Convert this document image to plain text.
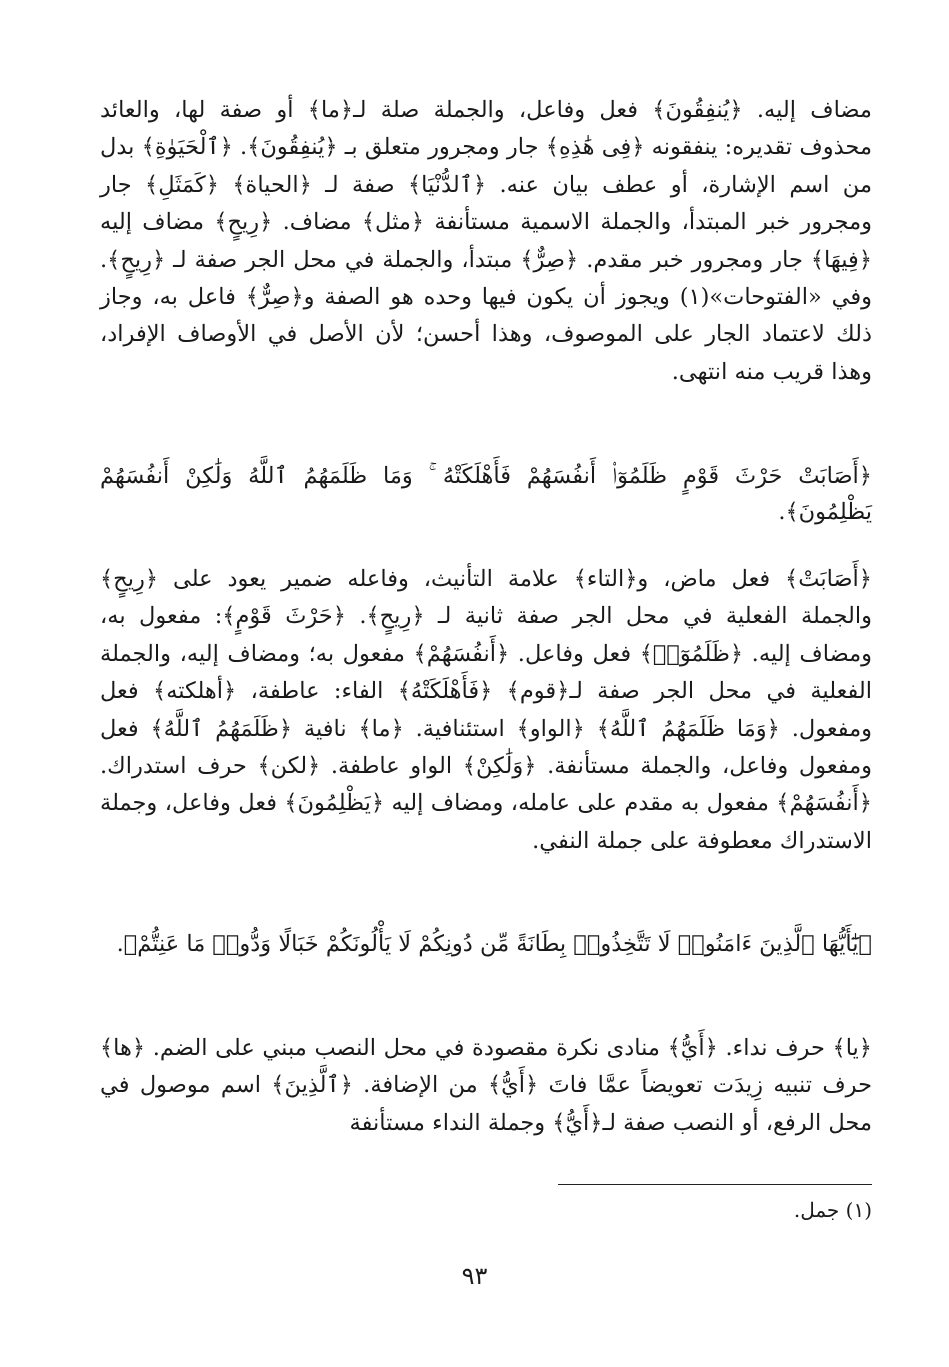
مضاف إليه. ﴿يُنفِقُونَ﴾ فعل وفاعل، والجملة صلة لـ﴿ما﴾ أو صفة لها، والعائد محذوف تقديره: ينفقونه ﴿فِى هَٰذِهِ﴾ جار ومجرور متعلق بـ ﴿يُنفِقُونَ﴾. ﴿ٱلْحَيَوٰةِ﴾ بدل من اسم الإشارة، أو عطف بيان عنه. ﴿ٱلدُّنْيَا﴾ صفة لـ ﴿الحياة﴾ ﴿كَمَثَلِ﴾ جار ومجرور خبر المبتدأ، والجملة الاسمية مستأنفة ﴿مثل﴾ مضاف. ﴿رِيحٍ﴾ مضاف إليه ﴿فِيهَا﴾ جار ومجرور خبر مقدم. ﴿صِرٌّ﴾ مبتدأ، والجملة في محل الجر صفة لـ ﴿رِيحٍ﴾. وفي «الفتوحات»(١) ويجوز أن يكون فيها وحده هو الصفة و﴿صِرٌّ﴾ فاعل به، وجاز ذلك لاعتماد الجار على الموصوف، وهذا أحسن؛ لأن الأصل في الأوصاف الإفراد، وهذا قريب منه انتهى.

﴿أَصَابَتْ حَرْثَ قَوْمٍ ظَلَمُوٓا۟ أَنفُسَهُمْ فَأَهْلَكَتْهُ ۚ وَمَا ظَلَمَهُمُ ٱللَّهُ وَلَٰكِنْ أَنفُسَهُمْ يَظْلِمُونَ﴾.

﴿أَصَابَتْ﴾ فعل ماض، و﴿التاء﴾ علامة التأنيث، وفاعله ضمير يعود على ﴿رِيحٍ﴾ والجملة الفعلية في محل الجر صفة ثانية لـ ﴿رِيحٍ﴾. ﴿حَرْثَ قَوْمٍ﴾: مفعول به، ومضاف إليه. ﴿ظَلَمُوٓا۟﴾ فعل وفاعل. ﴿أَنفُسَهُمْ﴾ مفعول به؛ ومضاف إليه، والجملة الفعلية في محل الجر صفة لـ﴿قوم﴾ ﴿فَأَهْلَكَتْهُ﴾ الفاء: عاطفة، ﴿أهلكته﴾ فعل ومفعول. ﴿وَمَا ظَلَمَهُمُ ٱللَّهُ﴾ ﴿الواو﴾ استئنافية. ﴿ما﴾ نافية ﴿ظَلَمَهُمُ ٱللَّهُ﴾ فعل ومفعول وفاعل، والجملة مستأنفة. ﴿وَلَٰكِنْ﴾ الواو عاطفة. ﴿لكن﴾ حرف استدراك. ﴿أَنفُسَهُمْ﴾ مفعول به مقدم على عامله، ومضاف إليه ﴿يَظْلِمُونَ﴾ فعل وفاعل، وجملة الاستدراك معطوفة على جملة النفي.

﴿يَٰٓأَيُّهَا ٱلَّذِينَ ءَامَنُوا۟ لَا تَتَّخِذُوا۟ بِطَانَةً مِّن دُونِكُمْ لَا يَأْلُونَكُمْ خَبَالًا وَدُّوا۟ مَا عَنِتُّمْ﴾.

﴿يا﴾ حرف نداء. ﴿أَيُّ﴾ منادى نكرة مقصودة في محل النصب مبني على الضم. ﴿ها﴾ حرف تنبيه زِيدَت تعويضاً عمَّا فاتَ ﴿أَيُّ﴾ من الإضافة. ﴿ٱلَّذِينَ﴾ اسم موصول في محل الرفع، أو النصب صفة لـ﴿أَيُّ﴾ وجملة النداء مستأنفة

(١) جمل.

٩٣
